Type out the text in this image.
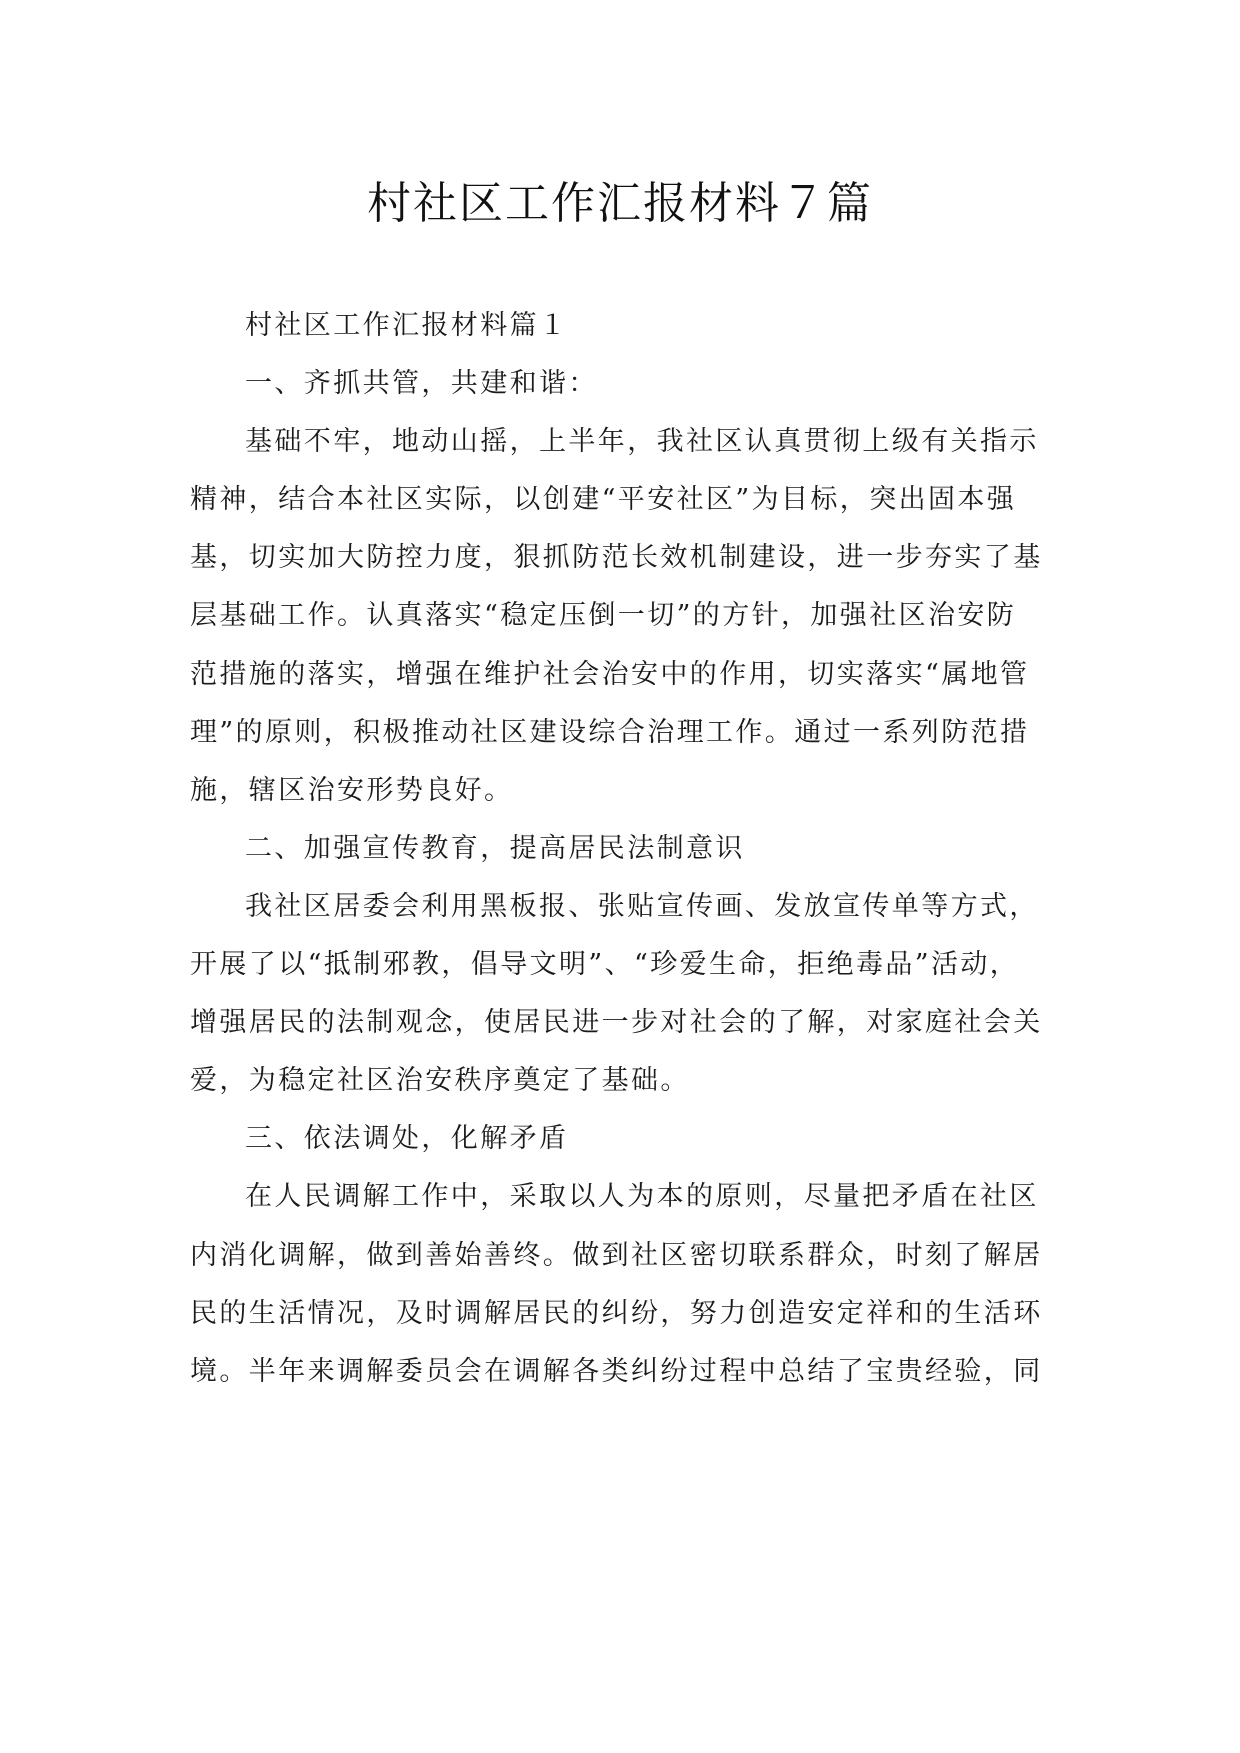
村社区工作汇报材料７篇
村社区工作汇报材料篇１
一、齐抓共管，共建和谐：
基础不牢，地动山摇，上半年，我社区认真贯彻上级有关指示
精神，结合本社区实际，以创建“平安社区”为目标，突出固本强
基，切实加大防控力度，狠抓防范长效机制建设，进一步夯实了基
层基础工作。认真落实“稳定压倒一切”的方针，加强社区治安防
范措施的落实，增强在维护社会治安中的作用，切实落实“属地管
理”的原则，积极推动社区建设综合治理工作。通过一系列防范措
施，辖区治安形势良好。
二、加强宣传教育，提高居民法制意识
我社区居委会利用黑板报、张贴宣传画、发放宣传单等方式，
开展了以“抵制邪教，倡导文明”、“珍爱生命，拒绝毒品”活动，
增强居民的法制观念，使居民进一步对社会的了解，对家庭社会关
爱，为稳定社区治安秩序奠定了基础。
三、依法调处，化解矛盾
在人民调解工作中，采取以人为本的原则，尽量把矛盾在社区
内消化调解，做到善始善终。做到社区密切联系群众，时刻了解居
民的生活情况，及时调解居民的纠纷，努力创造安定祥和的生活环
境。半年来调解委员会在调解各类纠纷过程中总结了宝贵经验，同
